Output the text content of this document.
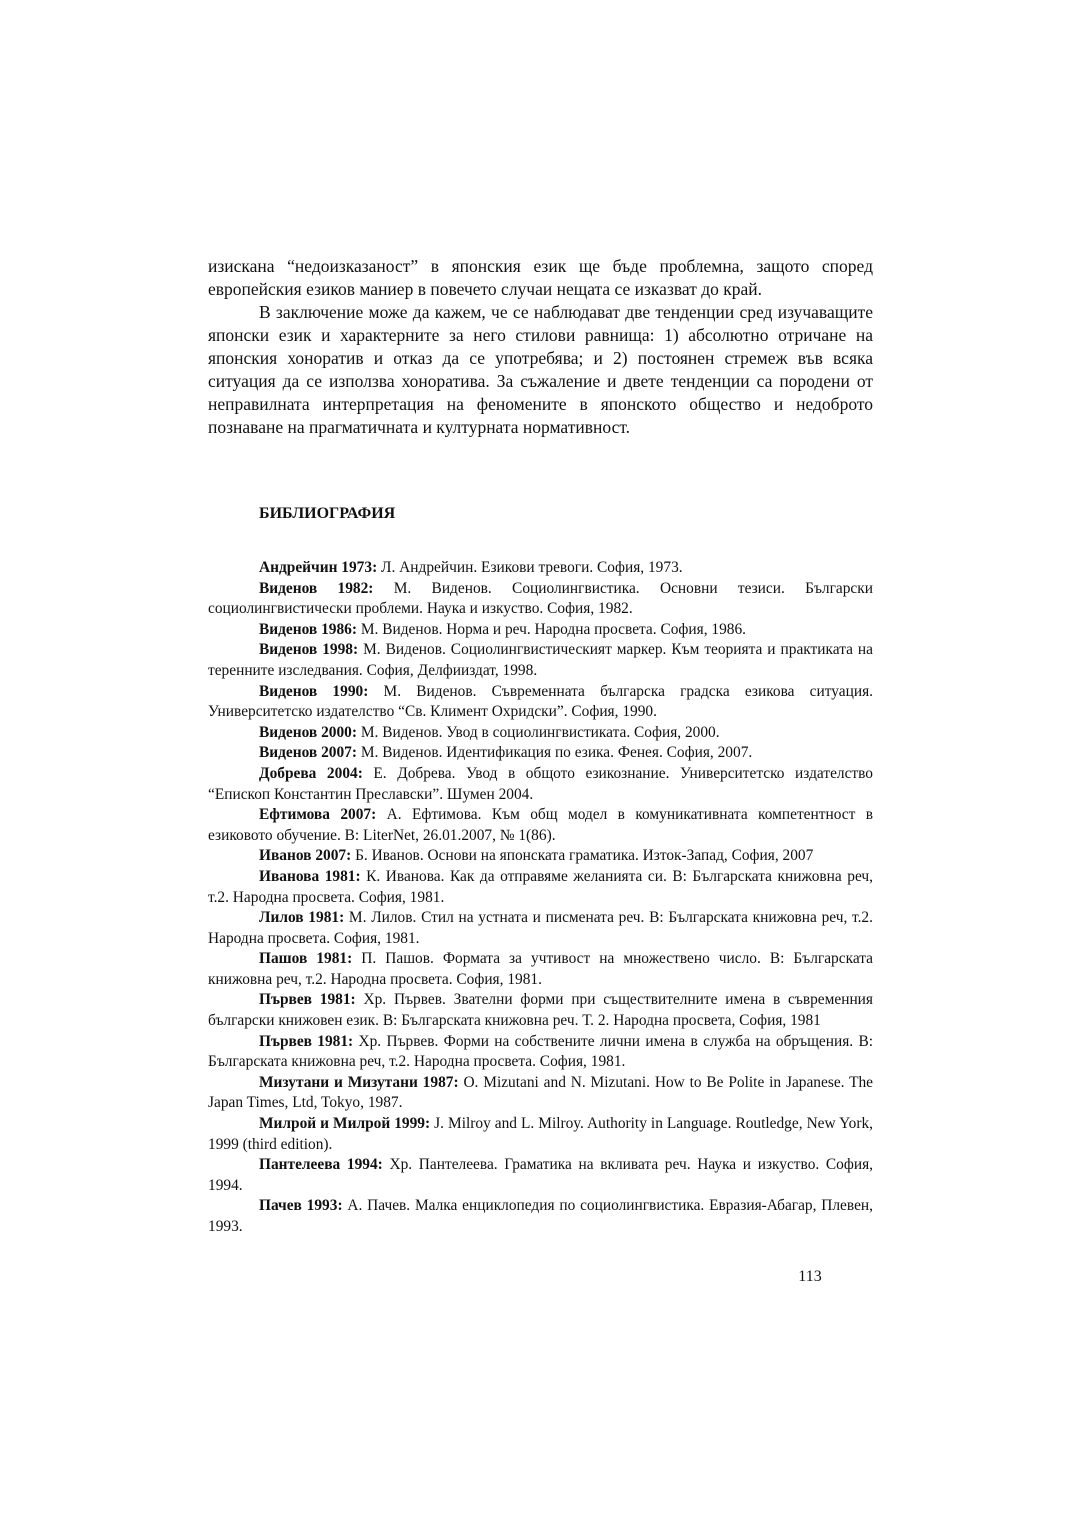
изискана “недоизказаност” в японския език ще бъде проблемна, защото според европейския езиков маниер в повечето случаи нещата се изказват до край.

В заключение може да кажем, че се наблюдават две тенденции сред изучаващите японски език и характерните за него стилови равнища: 1) абсолютно отричане на японския хоноратив и отказ да се употребява; и 2) постоянен стремеж във всяка ситуация да се използва хоноратива. За съжаление и двете тенденции са породени от неправилната интерпретация на феномените в японското общество и недоброто познаване на прагматичната и културната нормативност.

БИБЛИОГРАФИЯ

Андрейчин 1973: Л. Андрейчин. Езикови тревоги. София, 1973.

Виденов 1982: М. Виденов. Социолингвистика. Основни тезиси. Български социолингвистически проблеми. Наука и изкуство. София, 1982.

Виденов 1986: М. Виденов. Норма и реч. Народна просвета. София, 1986.

Виденов 1998: М. Виденов. Социолингвистическият маркер. Към теорията и практиката на теренните изследвания. София, Делфииздат, 1998.

Виденов 1990: М. Виденов. Съвременната българска градска езикова ситуация. Университетско издателство “Св. Климент Охридски”. София, 1990.

Виденов 2000: М. Виденов. Увод в социолингвистиката. София, 2000.

Виденов 2007: М. Виденов. Идентификация по езика. Фенея. София, 2007.

Добрева 2004: Е. Добрева. Увод в общото езикознание. Университетско издателство “Епископ Константин Преславски”. Шумен 2004.

Ефтимова 2007: А. Ефтимова. Към общ модел в комуникативната компетентност в езиковото обучение. В: LiterNet, 26.01.2007, № 1(86).

Иванов 2007: Б. Иванов. Основи на японската граматика. Изток-Запад, София, 2007

Иванова 1981: К. Иванова. Как да отправяме желанията си. В: Българската книжовна реч, т.2. Народна просвета. София, 1981.

Лилов 1981: М. Лилов. Стил на устната и писмената реч. В: Българската книжовна реч, т.2. Народна просвета. София, 1981.

Пашов 1981: П. Пашов. Формата за учтивост на множествено число. В: Българската книжовна реч, т.2. Народна просвета. София, 1981.

Първев 1981: Хр. Първев. Звателни форми при съществителните имена в съвременния български книжовен език. В: Българската книжовна реч. Т. 2. Народна просвета, София, 1981

Първев 1981: Хр. Първев. Форми на собствените лични имена в служба на обръщения. В: Българската книжовна реч, т.2. Народна просвета. София, 1981.

Мизутани и Мизутани 1987: O. Mizutani and N. Mizutani. How to Be Polite in Japanese. The Japan Times, Ltd, Tokyo, 1987.

Милрой и Милрой 1999: J. Milroy and L. Milroy. Authority in Language. Routledge, New York, 1999 (third edition).

Пантелеева 1994: Хр. Пантелеева. Граматика на вкливата реч. Наука и изкуство. София, 1994.

Пачев 1993: А. Пачев. Малка енциклопедия по социолингвистика. Евразия-Абагар, Плевен, 1993.

113
